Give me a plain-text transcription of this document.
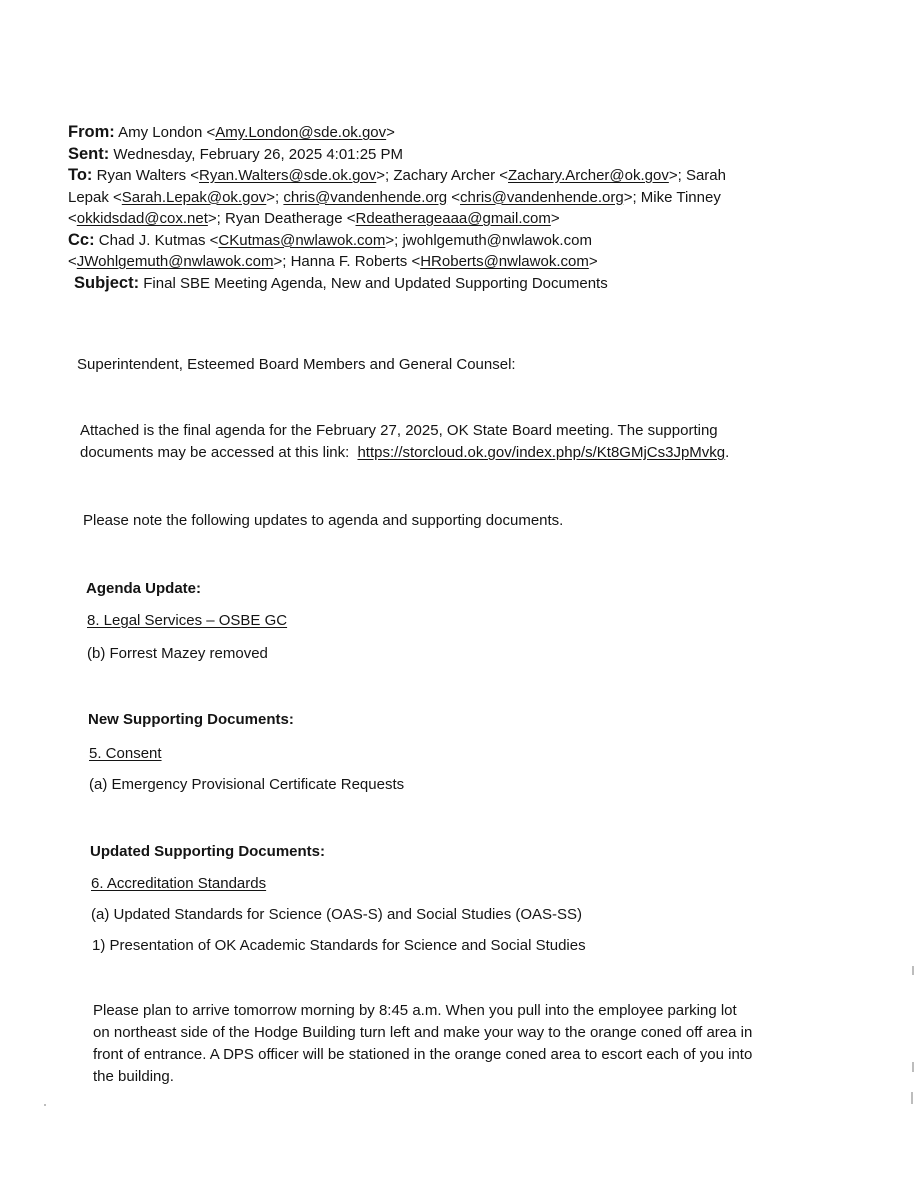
From: Amy London <Amy.London@sde.ok.gov>
Sent: Wednesday, February 26, 2025 4:01:25 PM
To: Ryan Walters <Ryan.Walters@sde.ok.gov>; Zachary Archer <Zachary.Archer@ok.gov>; Sarah
Lepak <Sarah.Lepak@ok.gov>; chris@vandenhende.org <chris@vandenhende.org>; Mike Tinney
<okkidsdad@cox.net>; Ryan Deatherage <Rdeatherageaaa@gmail.com>
Cc: Chad J. Kutmas <CKutmas@nwlawok.com>; jwohlgemuth@nwlawok.com
<JWohlgemuth@nwlawok.com>; Hanna F. Roberts <HRoberts@nwlawok.com>
Subject: Final SBE Meeting Agenda, New and Updated Supporting Documents
Superintendent, Esteemed Board Members and General Counsel:
Attached is the final agenda for the February 27, 2025, OK State Board meeting. The supporting
documents may be accessed at this link: https://storcloud.ok.gov/index.php/s/Kt8GMjCs3JpMvkg.
Please note the following updates to agenda and supporting documents.
Agenda Update:
8. Legal Services – OSBE GC
(b) Forrest Mazey removed
New Supporting Documents:
5. Consent
(a) Emergency Provisional Certificate Requests
Updated Supporting Documents:
6. Accreditation Standards
(a) Updated Standards for Science (OAS-S) and Social Studies (OAS-SS)
1) Presentation of OK Academic Standards for Science and Social Studies
Please plan to arrive tomorrow morning by 8:45 a.m. When you pull into the employee parking lot
on northeast side of the Hodge Building turn left and make your way to the orange coned off area in
front of entrance. A DPS officer will be stationed in the orange coned area to escort each of you into
the building.
